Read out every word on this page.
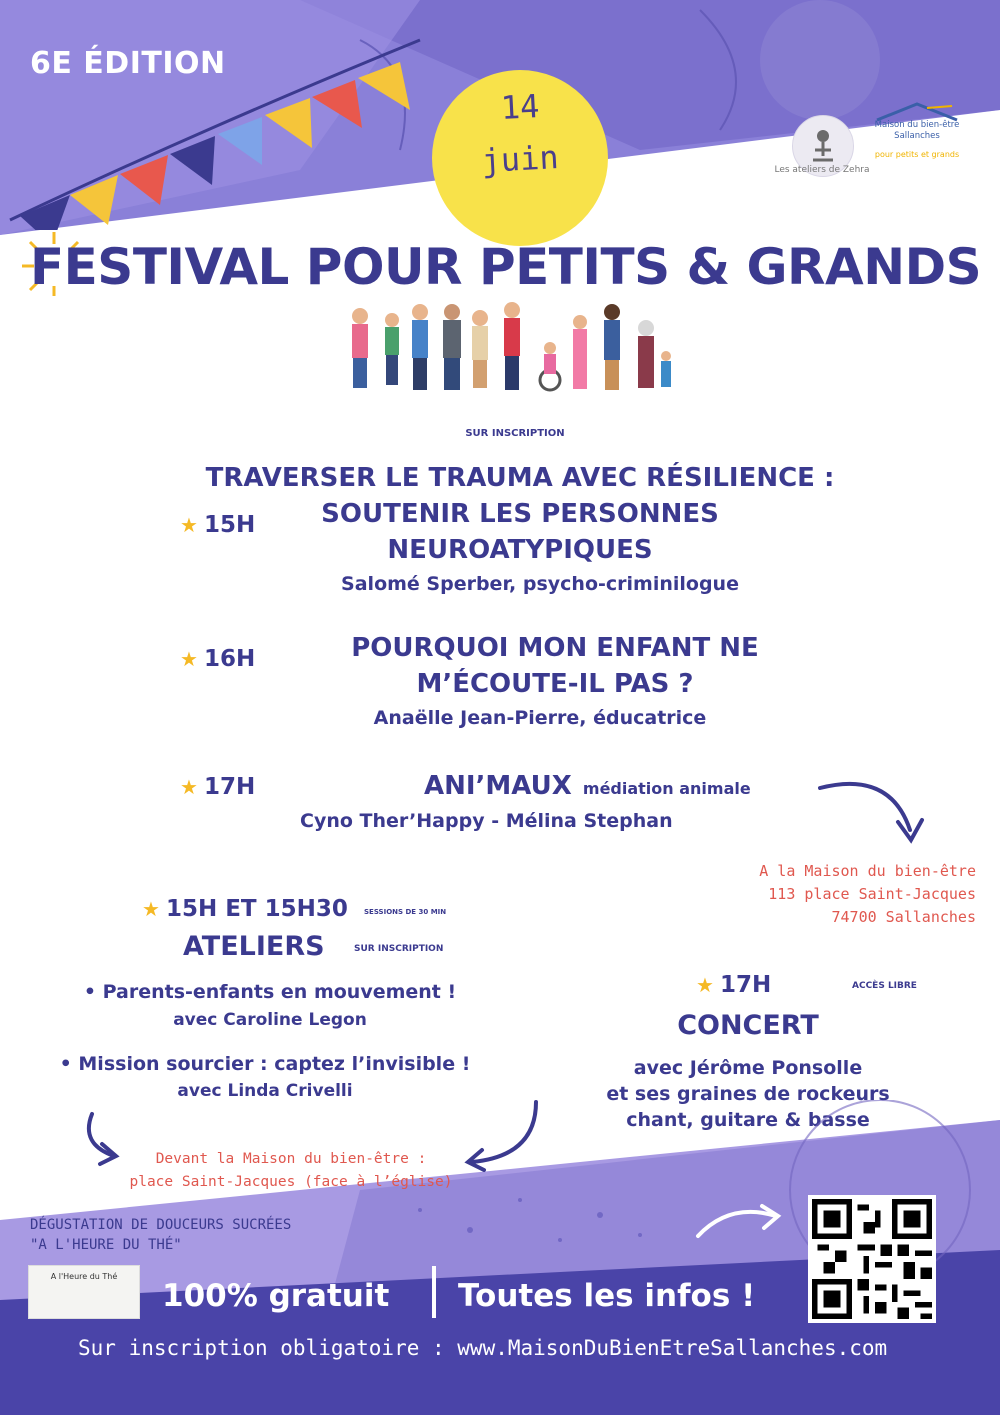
6E ÉDITION
14
juin	Les ateliers de Zehra
Maison du bien-être Sallanches
pour petits et grands
FESTIVAL POUR PETITS & GRANDS
SUR INSCRIPTION
★ 15H
TRAVERSER LE TRAUMA AVEC RÉSILIENCE :
SOUTENIR LES PERSONNES
NEUROATYPIQUES
Salomé Sperber, psycho-criminilogue
★ 16H	POURQUOI MON ENFANT NE
M’ÉCOUTE-IL PAS ?
Anaëlle Jean-Pierre, éducatrice
★ 17H	ANI’MAUX médiation animale
Cyno Ther’Happy - Mélina Stephan
A la Maison du bien-être
113 place Saint-Jacques
74700 Sallanches
★ 15H ET 15H30 SESSIONS DE 30 MIN
ATELIERS	SUR INSCRIPTION
• Parents-enfants en mouvement !
avec Caroline Legon
• Mission sourcier : captez l’invisible !
avec Linda Crivelli
★ 17H	ACCÈS LIBRE
CONCERT
avec Jérôme Ponsolle
et ses graines de rockeurs
chant, guitare & basse
Devant la Maison du bien-être :
place Saint-Jacques (face à l’église)
DÉGUSTATION DE DOUCEURS SUCRÉES
"A L'HEURE DU THÉ"
A l'Heure du Thé
100% gratuit Toutes les infos !
Sur inscription obligatoire : www.MaisonDuBienEtreSallanches.com
